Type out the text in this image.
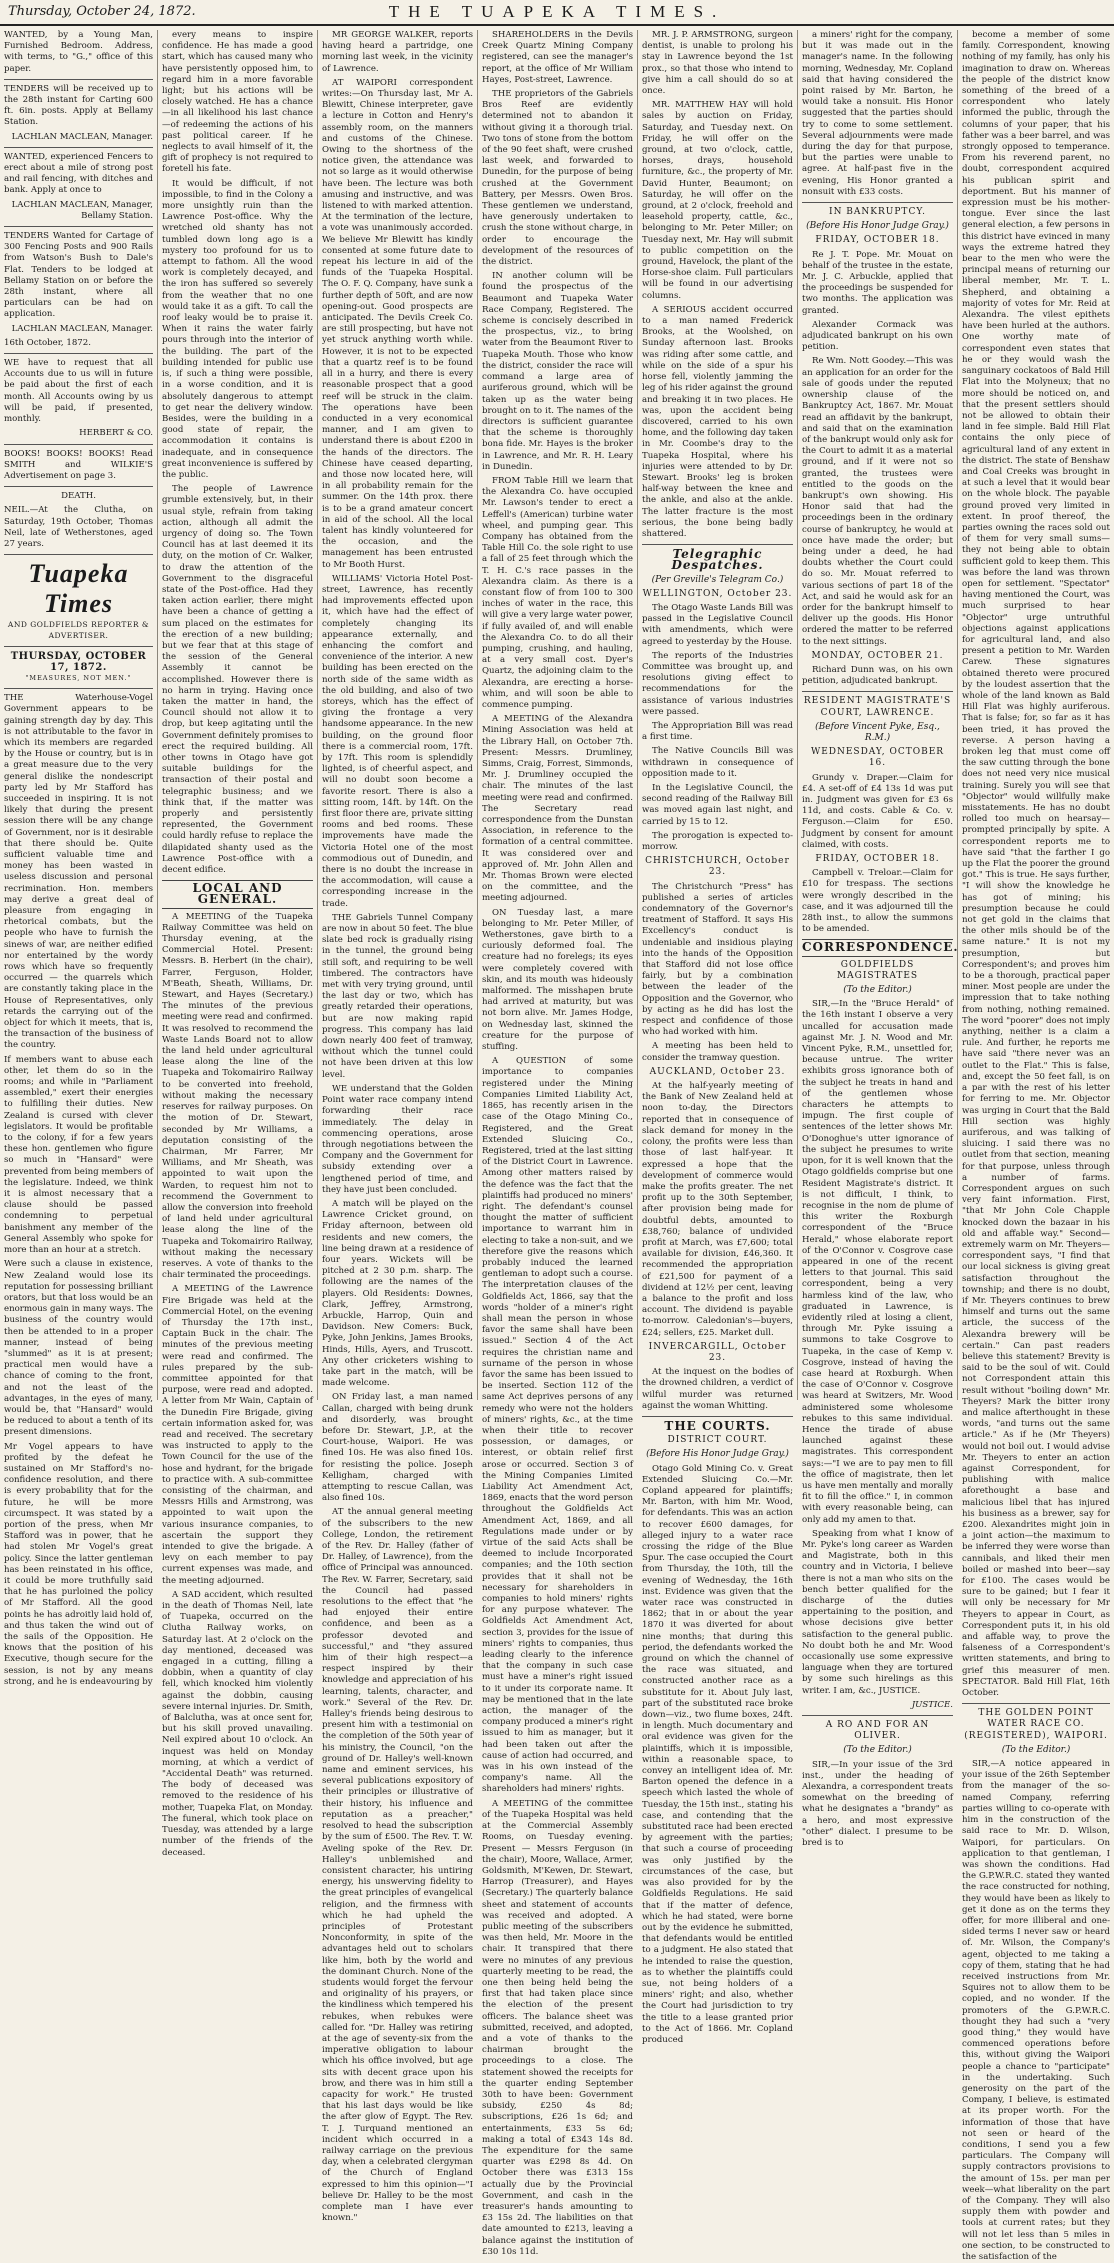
Thursday, October 24, 1872.	THE TUAPEKA TIMES.

WANTED, by a Young Man, Furnished Bedroom. Address, with terms, to "G.," office of this paper.

TENDERS will be received up to the 28th instant for Carting 600 ft. 6in. posts. Apply at Bellamy Station.

LACHLAN MACLEAN, Manager.

WANTED, experienced Fencers to erect about a mile of strong post and rail fencing, with ditches and bank. Apply at once to

LACHLAN MACLEAN, Manager, Bellamy Station.

TENDERS Wanted for Cartage of 300 Fencing Posts and 900 Rails from Watson's Bush to Dale's Flat. Tenders to be lodged at Bellamy Station on or before the 28th instant, where all particulars can be had on application.

LACHLAN MACLEAN, Manager.

16th October, 1872.

WE have to request that all Accounts due to us will in future be paid about the first of each month. All Accounts owing by us will be paid, if presented, monthly.

HERBERT & CO.

BOOKS! BOOKS! BOOKS! Read SMITH and WILKIE'S Advertisement on page 3.

DEATH.

NEIL.—At the Clutha, on Saturday, 19th October, Thomas Neil, late of Wetherstones, aged 27 years.

Tuapeka Times
AND GOLDFIELDS REPORTER & ADVERTISER.
THURSDAY, OCTOBER 17, 1872.
"MEASURES, NOT MEN."

THE Waterhouse-Vogel Government appears to be gaining strength day by day. This is not attributable to the favor in which its members are regarded by the House or country, but is in a great measure due to the very general dislike the nondescript party led by Mr Stafford has succeeded in inspiring. It is not likely that during the present session there will be any change of Government, nor is it desirable that there should be. Quite sufficient valuable time and money has been wasted in useless discussion and personal recrimination. Hon. members may derive a great deal of pleasure from engaging in rhetorical combats, but the people who have to furnish the sinews of war, are neither edified nor entertained by the wordy rows which have so frequently occurred — the quarrels which are constantly taking place in the House of Representatives, only retards the carrying out of the object for which it meets, that is, the transaction of the business of the country.

If members want to abuse each other, let them do so in the rooms; and while in "Parliament assembled," exert their energies to fulfilling their duties. New Zealand is cursed with clever legislators. It would be profitable to the colony, if for a few years these hon. gentlemen who figure so much in "Hansard" were prevented from being members of the legislature. Indeed, we think it is almost necessary that a clause should be passed condemning to perpetual banishment any member of the General Assembly who spoke for more than an hour at a stretch.

Were such a clause in existence, New Zealand would lose its reputation for possessing brilliant orators, but that loss would be an enormous gain in many ways. The business of the country would then be attended to in a proper manner, instead of being "slummed" as it is at present; practical men would have a chance of coming to the front, and not the least of the advantages, in the eyes of many, would be, that "Hansard" would be reduced to about a tenth of its present dimensions.

Mr Vogel appears to have profited by the defeat he sustained on Mr Stafford's no-confidence resolution, and there is every probability that for the future, he will be more circumspect. It was stated by a portion of the press, when Mr Stafford was in power, that he had stolen Mr Vogel's great policy. Since the latter gentleman has been reinstated in his office, it could be more truthfully said that he has purloined the policy of Mr Stafford. All the good points he has adroitly laid hold of, and thus taken the wind out of the sails of the Opposition. He knows that the position of his Executive, though secure for the session, is not by any means strong, and he is endeavouring by

every means to inspire confidence. He has made a good start, which has caused many who have persistently opposed him, to regard him in a more favorable light; but his actions will be closely watched. He has a chance—in all likelihood his last chance—of redeeming the actions of his past political career. If he neglects to avail himself of it, the gift of prophecy is not required to foretell his fate.

It would be difficult, if not impossible, to find in the Colony a more unsightly ruin than the Lawrence Post-office. Why the wretched old shanty has not tumbled down long ago is a mystery too profound for us to attempt to fathom. All the wood work is completely decayed, and the iron has suffered so severely from the weather that no one would take it as a gift. To call the roof leaky would be to praise it. When it rains the water fairly pours through into the interior of the building. The part of the building intended for public use is, if such a thing were possible, in a worse condition, and it is absolutely dangerous to attempt to get near the delivery window. Besides, were the building in a good state of repair, the accommodation it contains is inadequate, and in consequence great inconvenience is suffered by the public.

The people of Lawrence grumble extensively, but, in their usual style, refrain from taking action, although all admit the urgency of doing so. The Town Council has at last deemed it its duty, on the motion of Cr. Walker, to draw the attention of the Government to the disgraceful state of the Post-office. Had they taken action earlier, there might have been a chance of getting a sum placed on the estimates for the erection of a new building; but we fear that at this stage of the session of the General Assembly it cannot be accomplished. However there is no harm in trying. Having once taken the matter in hand, the Council should not allow it to drop, but keep agitating until the Government definitely promises to erect the required building. All other towns in Otago have got suitable buildings for the transaction of their postal and telegraphic business; and we think that, if the matter was properly and persistently represented, the Government could hardly refuse to replace the dilapidated shanty used as the Lawrence Post-office with a decent edifice.

LOCAL AND GENERAL.

A MEETING of the Tuapeka Railway Committee was held on Thursday evening, at the Commercial Hotel. Present: Messrs. B. Herbert (in the chair), Farrer, Ferguson, Holder, M'Beath, Sheath, Williams, Dr. Stewart, and Hayes (Secretary.) The minutes of the previous meeting were read and confirmed. It was resolved to recommend the Waste Lands Board not to allow the land held under agricultural lease along the line of the Tuapeka and Tokomairiro Railway to be converted into freehold, without making the necessary reserves for railway purposes. On the motion of Dr. Stewart, seconded by Mr Williams, a deputation consisting of the Chairman, Mr Farrer, Mr Williams, and Mr Sheath, was appointed to wait upon the Warden, to request him not to recommend the Government to allow the conversion into freehold of land held under agricultural lease along the line of the Tuapeka and Tokomairiro Railway, without making the necessary reserves. A vote of thanks to the chair terminated the proceedings.

A MEETING of the Lawrence Fire Brigade was held at the Commercial Hotel, on the evening of Thursday the 17th inst., Captain Buck in the chair. The minutes of the previous meeting were read and confirmed. The rules prepared by the sub-committee appointed for that purpose, were read and adopted. A letter from Mr Wain, Captain of the Dunedin Fire Brigade, giving certain information asked for, was read and received. The secretary was instructed to apply to the Town Council for the use of the hose and hydrant, for the brigade to practice with. A sub-committee consisting of the chairman, and Messrs Hills and Armstrong, was appointed to wait upon the various insurance companies, to ascertain the support they intended to give the brigade. A levy on each member to pay current expenses was made, and the meeting adjourned.

A SAD accident, which resulted in the death of Thomas Neil, late of Tuapeka, occurred on the Clutha Railway works, on Saturday last. At 2 o'clock on the day mentioned, deceased was engaged in a cutting, filling a dobbin, when a quantity of clay fell, which knocked him violently against the dobbin, causing severe internal injuries. Dr. Smith, of Balclutha, was at once sent for, but his skill proved unavailing. Neil expired about 10 o'clock. An inquest was held on Monday morning, at which a verdict of "Accidental Death" was returned. The body of deceased was removed to the residence of his mother, Tuapeka Flat, on Monday. The funeral, which took place on Tuesday, was attended by a large number of the friends of the deceased.

MR GEORGE WALKER, reports having heard a partridge, one morning last week, in the vicinity of Lawrence.

AT WAIPORI correspondent writes:—On Thursday last, Mr A. Blewitt, Chinese interpreter, gave a lecture in Cotton and Henry's assembly room, on the manners and customs of the Chinese. Owing to the shortness of the notice given, the attendance was not so large as it would otherwise have been. The lecture was both amusing and instructive, and was listened to with marked attention. At the termination of the lecture, a vote was unanimously accorded. We believe Mr Blewitt has kindly consented at some future date to repeat his lecture in aid of the funds of the Tuapeka Hospital. The O. F. Q. Company, have sunk a further depth of 50ft, and are now opening-out. Good prospects are anticipated. The Devils Creek Co. are still prospecting, but have not yet struck anything worth while. However, it is not to be expected that a quartz reef is to be found all in a hurry, and there is every reasonable prospect that a good reef will be struck in the claim. The operations have been conducted in a very economical manner, and I am given to understand there is about £200 in the hands of the directors. The Chinese have ceased departing, and those now located here, will in all probability remain for the summer. On the 14th prox. there is to be a grand amateur concert in aid of the school. All the local talent has kindly volunteered for the occasion, and the management has been entrusted to Mr Booth Hurst.

WILLIAMS' Victoria Hotel Post-street, Lawrence, has recently had improvements effected upon it, which have had the effect of completely changing its appearance externally, and enhancing the comfort and convenience of the interior. A new building has been erected on the north side of the same width as the old building, and also of two storeys, which has the effect of giving the frontage a very handsome appearance. In the new building, on the ground floor there is a commercial room, 17ft. by 17ft. This room is splendidly lighted, is of cheerful aspect, and will no doubt soon become a favorite resort. There is also a sitting room, 14ft. by 14ft. On the first floor there are, private sitting rooms and bed rooms. These improvements have made the Victoria Hotel one of the most commodious out of Dunedin, and there is no doubt the increase in the accommodation, will cause a corresponding increase in the trade.

THE Gabriels Tunnel Company are now in about 50 feet. The blue slate bed rock is gradually rising in the tunnel, the ground being still soft, and requiring to be well timbered. The contractors have met with very trying ground, until the last day or two, which has greatly retarded their operations, but are now making rapid progress. This company has laid down nearly 400 feet of tramway, without which the tunnel could not have been driven at this low level.

WE understand that the Golden Point water race company intend forwarding their race immediately. The delay in commencing operations, arose through negotiations between the Company and the Government for subsidy extending over a lengthened period of time, and they have just been concluded.

A match will be played on the Lawrence Cricket ground, on Friday afternoon, between old residents and new comers, the line being drawn at a residence of four years. Wickets will be pitched at 2 30 p.m. sharp. The following are the names of the players. Old Residents: Downes, Clark, Jeffrey, Armstrong, Arbuckle, Harrop, Quin and Davidson. New Comers: Buck, Pyke, John Jenkins, James Brooks, Hinds, Hills, Ayers, and Truscott. Any other cricketers wishing to take part in the match, will be made welcome.

ON Friday last, a man named Callan, charged with being drunk and disorderly, was brought before Dr. Stewart, J.P., at the Court-house, Waipori. He was fined 10s. He was also fined 10s. for resisting the police. Joseph Kelligham, charged with attempting to rescue Callan, was also fined 10s.

AT the annual general meeting of the subscribers to the new College, London, the retirement of the Rev. Dr. Halley (father of Dr. Halley, of Lawrence), from the office of Principal was announced. The Rev. W. Farrer, Secretary, said the Council had passed resolutions to the effect that "he had enjoyed their entire confidence, and been as a professor devoted and successful," and "they assured him of their high respect—a respect inspired by their knowledge and appreciation of his learning, talents, character, and work." Several of the Rev. Dr. Halley's friends being desirous to present him with a testimonial on the completion of the 50th year of his ministry, the Council, "on the ground of Dr. Halley's well-known name and eminent services, his several publications expository of their principles or illustrative of their history, his influence and reputation as a preacher," resolved to head the subscription by the sum of £500. The Rev. T. W. Aveling spoke of the Rev. Dr. Halley's unblemished and consistent character, his untiring energy, his unswerving fidelity to the great principles of evangelical religion, and the firmness with which he had upheld the principles of Protestant Nonconformity, in spite of the advantages held out to scholars like him, both by the world and the dominant Church. None of the students would forget the fervour and originality of his prayers, or the kindliness which tempered his rebukes, when rebukes were called for. "Dr. Halley was retiring at the age of seventy-six from the imperative obligation to labour which his office involved, but age sits with decent grace upon his brow, and there was in him still a capacity for work." He trusted that his last days would be like the after glow of Egypt. The Rev. T. J. Turquand mentioned an incident which occurred in a railway carriage on the previous day, when a celebrated clergyman of the Church of England expressed to him this opinion—"I believe Dr. Halley to be the most complete man I have ever known."

SHAREHOLDERS in the Devils Creek Quartz Mining Company registered, can see the manager's report, at the office of Mr William Hayes, Post-street, Lawrence.

THE proprietors of the Gabriels Bros Reef are evidently determined not to abandon it without giving it a thorough trial. Two tons of stone from the bottom of the 90 feet shaft, were crushed last week, and forwarded to Dunedin, for the purpose of being crushed at the Government Battery, per Messrs. Owen Bros. These gentlemen we understand, have generously undertaken to crush the stone without charge, in order to encourage the development of the resources of the district.

IN another column will be found the prospectus of the Beaumont and Tuapeka Water Race Company, Registered. The scheme is concisely described in the prospectus, viz., to bring water from the Beaumont River to Tuapeka Mouth. Those who know the district, consider the race will command a large area of auriferous ground, which will be taken up as the water being brought on to it. The names of the directors is sufficient guarantee that the scheme is thoroughly bona fide. Mr. Hayes is the broker in Lawrence, and Mr. R. H. Leary in Dunedin.

FROM Table Hill we learn that the Alexandra Co. have occupied Mr. Lawson's tender to erect a Leffell's (American) turbine water wheel, and pumping gear. This Company has obtained from the Table Hill Co. the sole right to use a fall of 25 feet through which the T. H. C.'s race passes in the Alexandra claim. As there is a constant flow of from 100 to 300 inches of water in the race, this will give a very large water power, if fully availed of, and will enable the Alexandra Co. to do all their pumping, crushing, and hauling, at a very small cost. Dyer's Quartz, the adjoining claim to the Alexandra, are erecting a horse-whim, and will soon be able to commence pumping.

A MEETING of the Alexandra Mining Association was held at the Library Hall, on October 7th. Present: Messrs. Drumliney, Simms, Craig, Forrest, Simmonds, Mr. J. Drumliney occupied the chair. The minutes of the last meeting were read and confirmed. The Secretary read correspondence from the Dunstan Association, in reference to the formation of a central committee. It was considered over and approved of. Mr. John Allen and Mr. Thomas Brown were elected on the committee, and the meeting adjourned.

ON Tuesday last, a mare belonging to Mr. Peter Miller, of Wetherstones, gave birth to a curiously deformed foal. The creature had no forelegs; its eyes were completely covered with skin, and its mouth was hideously malformed. The misshapen brute had arrived at maturity, but was not born alive. Mr. James Hodge, on Wednesday last, skinned the creature for the purpose of stuffing.

A QUESTION of some importance to companies registered under the Mining Companies Limited Liability Act, 1865, has recently arisen in the case of the Otago Mining Co., Registered, and the Great Extended Sluicing Co., Registered, tried at the last sitting of the District Court in Lawrence. Among other matters raised by the defence was the fact that the plaintiffs had produced no miners' right. The defendant's counsel thought the matter of sufficient importance to warrant him in electing to take a non-suit, and we therefore give the reasons which probably induced the learned gentleman to adopt such a course. The interpretation clauses of the Goldfields Act, 1866, say that the words "holder of a miner's right shall mean the person in whose favor the same shall have been issued." Section 4 of the Act requires the christian name and surname of the person in whose favor the same has been issued to be inserted. Section 112 of the same Act deprives persons of any remedy who were not the holders of miners' rights, &c., at the time when their title to recover possession, or damages, or interest, or obtain relief first arose or occurred. Section 3 of the Mining Companies Limited Liability Act Amendment Act, 1869, enacts that the word person throughout the Goldfields Act Amendment Act, 1869, and all Regulations made under or by virtue of the said Acts shall be deemed to include Incorporated companies; and the 10th section provides that it shall not be necessary for shareholders in companies to hold miners' rights for any purpose whatever. The Goldfields Act Amendment Act, section 3, provides for the issue of miners' rights to companies, thus leading clearly to the inference that the company in such case must have a miner's right issued to it under its corporate name. It may be mentioned that in the late action, the manager of the company produced a miner's right issued to him as manager, but it had been taken out after the cause of action had occurred, and was in his own instead of the company's name. All the shareholders had miners' rights.

A MEETING of the committee of the Tuapeka Hospital was held at the Commercial Assembly Rooms, on Tuesday evening. Present — Messrs Ferguson (in the chair), Moore, Wallace, Armer, Goldsmith, M'Kewen, Dr. Stewart, Harrop (Treasurer), and Hayes (Secretary.) The quarterly balance sheet and statement of accounts was received and adopted. A public meeting of the subscribers was then held, Mr. Moore in the chair. It transpired that there were no minutes of any previous quarterly meeting to be read, the one then being held being the first that had taken place since the election of the present officers. The balance sheet was submitted, received, and adopted, and a vote of thanks to the chairman brought the proceedings to a close. The statement showed the receipts for the quarter ending September 30th to have been: Government subsidy, £250 4s 8d; subscriptions, £26 1s 6d; and entertainments, £33 5s 6d; making a total of £343 14s 8d. The expenditure for the same quarter was £298 8s 4d. On October there was £313 15s actually due by the Provincial Government, and cash in the treasurer's hands amounting to £3 15s 2d. The liabilities on that date amounted to £213, leaving a balance against the institution of £30 10s 11d.

MR. J. P. ARMSTRONG, surgeon dentist, is unable to prolong his stay in Lawrence beyond the 1st prox., so that those who intend to give him a call should do so at once.

MR. MATTHEW HAY will hold sales by auction on Friday, Saturday, and Tuesday next. On Friday, he will offer on the ground, at two o'clock, cattle, horses, drays, household furniture, &c., the property of Mr. David Hunter, Beaumont; on Saturday, he will offer on the ground, at 2 o'clock, freehold and leasehold property, cattle, &c., belonging to Mr. Peter Miller; on Tuesday next, Mr. Hay will submit to public competition on the ground, Havelock, the plant of the Horse-shoe claim. Full particulars will be found in our advertising columns.

A SERIOUS accident occurred to a man named Frederick Brooks, at the Woolshed, on Sunday afternoon last. Brooks was riding after some cattle, and while on the side of a spur his horse fell, violently jamming the leg of his rider against the ground and breaking it in two places. He was, upon the accident being discovered, carried to his own home, and the following day taken in Mr. Coombe's dray to the Tuapeka Hospital, where his injuries were attended to by Dr. Stewart. Brooks' leg is broken half-way between the knee and the ankle, and also at the ankle. The latter fracture is the most serious, the bone being badly shattered.

Telegraphic Despatches.

(Per Greville's Telegram Co.)

WELLINGTON, October 23.

The Otago Waste Lands Bill was passed in the Legislative Council with amendments, which were agreed to yesterday by the House.

The reports of the Industries Committee was brought up, and resolutions giving effect to recommendations for the assistance of various industries were passed.

The Appropriation Bill was read a first time.

The Native Councils Bill was withdrawn in consequence of opposition made to it.

In the Legislative Council, the second reading of the Railway Bill was moved again last night, and carried by 15 to 12.

The prorogation is expected to-morrow.

CHRISTCHURCH, October 23.

The Christchurch "Press" has published a series of articles condemnatory of the Governor's treatment of Stafford. It says His Excellency's conduct is undeniable and insidious playing into the hands of the Opposition that Stafford did not lose office fairly, but by a combination between the leader of the Opposition and the Governor, who by acting as he did has lost the respect and confidence of those who had worked with him.

A meeting has been held to consider the tramway question.

AUCKLAND, October 23.

At the half-yearly meeting of the Bank of New Zealand held at noon to-day, the Directors reported that in consequence of slack demand for money in the colony, the profits were less than those of last half-year. It expressed a hope that the development of commerce would make the profits greater. The net profit up to the 30th September, after provision being made for doubtful debts, amounted to £38,760; balance of undivided profit at March, was £7,600; total available for division, £46,360. It recommended the appropriation of £21,500 for payment of a dividend at 12½ per cent, leaving a balance to the profit and loss account. The dividend is payable to-morrow. Caledonian's—buyers, £24; sellers, £25. Market dull.

INVERCARGILL, October 23.

At the inquest on the bodies of the drowned children, a verdict of wilful murder was returned against the woman Whitting.

THE COURTS.

DISTRICT COURT.

(Before His Honor Judge Gray.)

Otago Gold Mining Co. v. Great Extended Sluicing Co.—Mr. Copland appeared for plaintiffs; Mr. Barton, with him Mr. Wood, for defendants. This was an action to recover £600 damages, for alleged injury to a water race crossing the ridge of the Blue Spur. The case occupied the Court from Thursday, the 10th, till the evening of Wednesday, the 16th inst. Evidence was given that the water race was constructed in 1862; that in or about the year 1870 it was diverted for about nine months; that during this period, the defendants worked the ground on which the channel of the race was situated, and constructed another race as a substitute for it. About July last, part of the substituted race broke down—viz., two flume boxes, 24ft. in length. Much documentary and oral evidence was given for the plaintiffs, which it is impossible, within a reasonable space, to convey an intelligent idea of. Mr. Barton opened the defence in a speech which lasted the whole of Tuesday, the 15th inst., stating his case, and contending that the substituted race had been erected by agreement with the parties; that such a course of proceeding was only justified by the circumstances of the case, but was also provided for by the Goldfields Regulations. He said that if the matter of defence, which he had stated, were borne out by the evidence he submitted, that defendants would be entitled to a judgment. He also stated that he intended to raise the question, as to whether the plaintiffs could sue, not being holders of a miners' right; and also, whether the Court had jurisdiction to try the title to a lease granted prior to the Act of 1866. Mr. Copland produced

a miners' right for the company, but it was made out in the manager's name. In the following morning, Wednesday, Mr. Copland said that having considered the point raised by Mr. Barton, he would take a nonsuit. His Honor suggested that the parties should try to come to some settlement. Several adjournments were made during the day for that purpose, but the parties were unable to agree. At half-past five in the evening, His Honor granted a nonsuit with £33 costs.

IN BANKRUPTCY.

(Before His Honor Judge Gray.)

FRIDAY, OCTOBER 18.

Re J. T. Pope. Mr. Mouat on behalf of the trustee in the estate, Mr. J. C. Arbuckle, applied that the proceedings be suspended for two months. The application was granted.

Alexander Cormack was adjudicated bankrupt on his own petition.

Re Wm. Nott Goodey.—This was an application for an order for the sale of goods under the reputed ownership clause of the Bankruptcy Act, 1867. Mr. Mouat read an affidavit by the bankrupt, and said that on the examination of the bankrupt would only ask for the Court to admit it as a material ground, and if it were not so granted, the trustees were entitled to the goods on the bankrupt's own showing. His Honor said that had the proceedings been in the ordinary course of bankruptcy, he would at once have made the order; but being under a deed, he had doubts whether the Court could do so. Mr. Mouat referred to various sections of part 18 of the Act, and said he would ask for an order for the bankrupt himself to deliver up the goods. His Honor ordered the matter to be referred to the next sittings.

MONDAY, OCTOBER 21.

Richard Dunn was, on his own petition, adjudicated bankrupt.

RESIDENT MAGISTRATE'S COURT, LAWRENCE.

(Before Vincent Pyke, Esq., R.M.)

WEDNESDAY, OCTOBER 16.

Grundy v. Draper.—Claim for £4. A set-off of £4 13s 1d was put in. Judgment was given for £3 6s 11d, and costs. Cable & Co. v. Ferguson.—Claim for £50. Judgment by consent for amount claimed, with costs.

FRIDAY, OCTOBER 18.

Campbell v. Treloar.—Claim for £10 for trespass. The sections were wrongly described in the case, and it was adjourned till the 28th inst., to allow the summons to be amended.

CORRESPONDENCE.

GOLDFIELDS MAGISTRATES

(To the Editor.)

SIR,—In the "Bruce Herald" of the 16th instant I observe a very uncalled for accusation made against Mr. J. N. Wood and Mr. Vincent Pyke, R.M., unsettled for, because untrue. The writer exhibits gross ignorance both of the subject he treats in hand and of the gentlemen whose characters he attempts to impugn. The first couple of sentences of the letter shows Mr. O'Donoghue's utter ignorance of the subject he presumes to write upon, for it is well known that the Otago goldfields comprise but one Resident Magistrate's district. It is not difficult, I think, to recognise in the nom de plume of this writer the Roxburgh correspondent of the "Bruce Herald," whose elaborate report of the O'Connor v. Cosgrove case appeared in one of the recent letters to that journal. This said correspondent, being a very harmless kind of the law, who graduated in Lawrence, is evidently riled at losing a client, through Mr. Pyke issuing a summons to take Cosgrove to Tuapeka, in the case of Kemp v. Cosgrove, instead of having the case heard at Roxburgh. When the case of O'Connor v. Cosgrove was heard at Switzers, Mr. Wood administered some wholesome rebukes to this same individual. Hence the tirade of abuse launched against these magistrates. This correspondent says:—"I we are to pay men to fill the office of magistrate, then let us have men mentally and morally fit to fill the office." I, in common with every reasonable being, can only add my amen to that.

Speaking from what I know of Mr. Pyke's long career as Warden and Magistrate, both in this country and in Victoria, I believe there is not a man who sits on the bench better qualified for the discharge of the duties appertaining to the position, and whose decisions give better satisfaction to the general public. No doubt both he and Mr. Wood occasionally use some expressive language when they are tortured by some such hirelings as this writer. I am, &c., JUSTICE.

JUSTICE.

A RO AND FOR AN OLIVER.

(To the Editor.)

SIR,—In your issue of the 3rd inst., under the heading of Alexandra, a correspondent treats somewhat on the breeding of what he designates a "brandy" as a hero, and most expressive "other" dialect. I presume to be bred is to

become a member of some family. Correspondent, knowing nothing of my family, has only his imagination to draw on. Whereas the people of the district know something of the breed of a correspondent who lately informed the public, through the columns of your paper, that his father was a beer barrel, and was strongly opposed to temperance. From his reverend parent, no doubt, correspondent acquired his publican spirit and deportment. But his manner of expression must be his mother-tongue. Ever since the last general election, a few persons in this district have evinced in many ways the extreme hatred they bear to the men who were the principal means of returning our liberal member, Mr. T. L. Shepherd, and obtaining a majority of votes for Mr. Reid at Alexandra. The vilest epithets have been hurled at the authors. One worthy mate of correspondent even states that he or they would wash the sanguinary cockatoos of Bald Hill Flat into the Molyneux; that no more should be noticed on, and that the present settlers should not be allowed to obtain their land in fee simple. Bald Hill Flat contains the only piece of agricultural land of any extent in the district. The state of Benshaw and Coal Creeks was brought in at such a level that it would bear on the whole block. The payable ground proved very limited in extent. In proof thereof, the parties owning the races sold out of them for very small sums—they not being able to obtain sufficient gold to keep them. This was before the land was thrown open for settlement. "Spectator" having mentioned the Court, was much surprised to hear "Objector" urge untruthful objections against applications for agricultural land, and also present a petition to Mr. Warden Carew. These signatures obtained thereto were procured by the loudest assertion that the whole of the land known as Bald Hill Flat was highly auriferous. That is false; for, so far as it has been tried, it has proved the reverse. A person having a broken leg that must come off the saw cutting through the bone does not need very nice musical training. Surely you will see that "Objector" would willfully make misstatements. He has no doubt rolled too much on hearsay—prompted principally by spite. A correspondent reports me to have said "that the farther I go up the Flat the poorer the ground got." This is true. He says further, "I will show the knowledge he has got of mining; his presumption because he could not get gold in the claims that the other mils should be of the same nature." It is not my presumption, but Correspondent's; and proves him to be a thorough, practical paper miner. Most people are under the impression that to take nothing from nothing, nothing remained. The word "poorer" does not imply anything, neither is a claim a rule. And further, he reports me have said "there never was an outlet to the Flat." This is false, and, except the 50 feet fall, is on a par with the rest of his letter for ferring to me. Mr. Objector was urging in Court that the Bald Hill section was highly auriferous, and was talking of sluicing. I said there was no outlet from that section, meaning for that purpose, unless through a number of farms. Correspondent argues on such very faint information. First, "that Mr John Cole Chapple knocked down the bazaar in his old and affable way." Second—extremely warm on Mr. Theyers—correspondent says, "I find that our local sickness is giving great satisfaction throughout the township; and there is no doubt, if Mr. Theyers continues to brew himself and turns out the same article, the success of the Alexandra brewery will be certain." Can past readers believe this statement? Brevity is said to be the soul of wit. Could not Correspondent attain this result without "boiling down" Mr. Theyers? Mark the bitter irony and malice afterthought in these words, "and turns out the same article." As if he (Mr Theyers) would not boil out. I would advise Mr. Theyers to enter an action against Correspondent, for publishing with malice aforethought a base and malicious libel that has injured his business as a brewer, say for £200. Alexandrites might join in a joint action—the maximum to be inferred they were worse than cannibals, and liked their men boiled or mashed into beer—say for £100. The cases would be sure to be gained; but I fear it will only be necessary for Mr Theyers to appear in Court, as Correspondent puts it, in his old and affable way, to prove the falseness of a Correspondent's written statements, and bring to grief this measurer of men. SPECTATOR. Bald Hill Flat, 16th October.

THE GOLDEN POINT WATER RACE CO. (REGISTERED), WAIPORI.

(To the Editor.)

SIR,—A notice appeared in your issue of the 26th September from the manager of the so-named Company, referring parties willing to co-operate with him in the construction of the said race to Mr. D. Wilson, Waipori, for particulars. On application to that gentleman, I was shown the conditions. Had the G.P.W.R.C. stated they wanted the race constructed for nothing, they would have been as likely to get it done as on the terms they offer, for more illiberal and one-sided terms I never saw or heard of. Mr. Wilson, the Company's agent, objected to me taking a copy of them, stating that he had received instructions from Mr. Squires not to allow them to be copied, and no wonder. If the promoters of the G.P.W.R.C. thought they had such a "very good thing," they would have commenced operations before this, without giving the Waipori people a chance to "participate" in the undertaking. Such generosity on the part of the Company, I believe, is estimated at its proper worth. For the information of those that have not seen or heard of the conditions, I send you a few particulars. The Company will supply contractors provisions to the amount of 15s. per man per week—what liberality on the part of the Company. They will also supply them with powder and tools at current rates; but they will not let less than 5 miles in one section, to be constructed to the satisfaction of the
